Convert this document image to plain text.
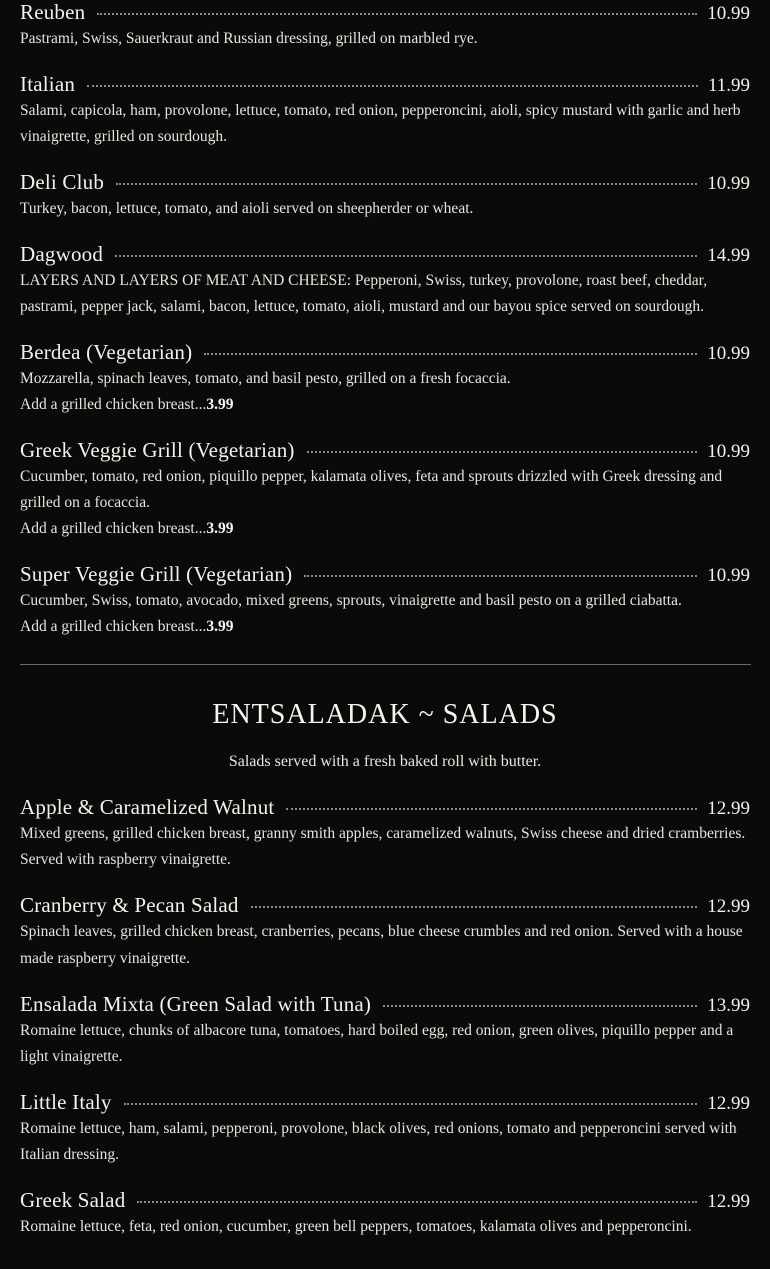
Reuben	10.99
Pastrami, Swiss, Sauerkraut and Russian dressing, grilled on marbled rye.
Italian	11.99
Salami, capicola, ham, provolone, lettuce, tomato, red onion, pepperoncini, aioli, spicy mustard with garlic and herb vinaigrette, grilled on sourdough.
Deli Club	10.99
Turkey, bacon, lettuce, tomato, and aioli served on sheepherder or wheat.
Dagwood	14.99
LAYERS AND LAYERS OF MEAT AND CHEESE: Pepperoni, Swiss, turkey, provolone, roast beef, cheddar, pastrami, pepper jack, salami, bacon, lettuce, tomato, aioli, mustard and our bayou spice served on sourdough.
Berdea (Vegetarian)	10.99
Mozzarella, spinach leaves, tomato, and basil pesto, grilled on a fresh focaccia.
Add a grilled chicken breast...3.99
Greek Veggie Grill (Vegetarian)	10.99
Cucumber, tomato, red onion, piquillo pepper, kalamata olives, feta and sprouts drizzled with Greek dressing and grilled on a focaccia.
Add a grilled chicken breast...3.99
Super Veggie Grill (Vegetarian)	10.99
Cucumber, Swiss, tomato, avocado, mixed greens, sprouts, vinaigrette and basil pesto on a grilled ciabatta.
Add a grilled chicken breast...3.99
ENTSALADAK ~ SALADS
Salads served with a fresh baked roll with butter.
Apple & Caramelized Walnut	12.99
Mixed greens, grilled chicken breast, granny smith apples, caramelized walnuts, Swiss cheese and dried cramberries. Served with raspberry vinaigrette.
Cranberry & Pecan Salad	12.99
Spinach leaves, grilled chicken breast, cranberries, pecans, blue cheese crumbles and red onion. Served with a house made raspberry vinaigrette.
Ensalada Mixta (Green Salad with Tuna)	13.99
Romaine lettuce, chunks of albacore tuna, tomatoes, hard boiled egg, red onion, green olives, piquillo pepper and a light vinaigrette.
Little Italy	12.99
Romaine lettuce, ham, salami, pepperoni, provolone, black olives, red onions, tomato and pepperoncini served with Italian dressing.
Greek Salad	12.99
Romaine lettuce, feta, red onion, cucumber, green bell peppers, tomatoes, kalamata olives and pepperoncini.
